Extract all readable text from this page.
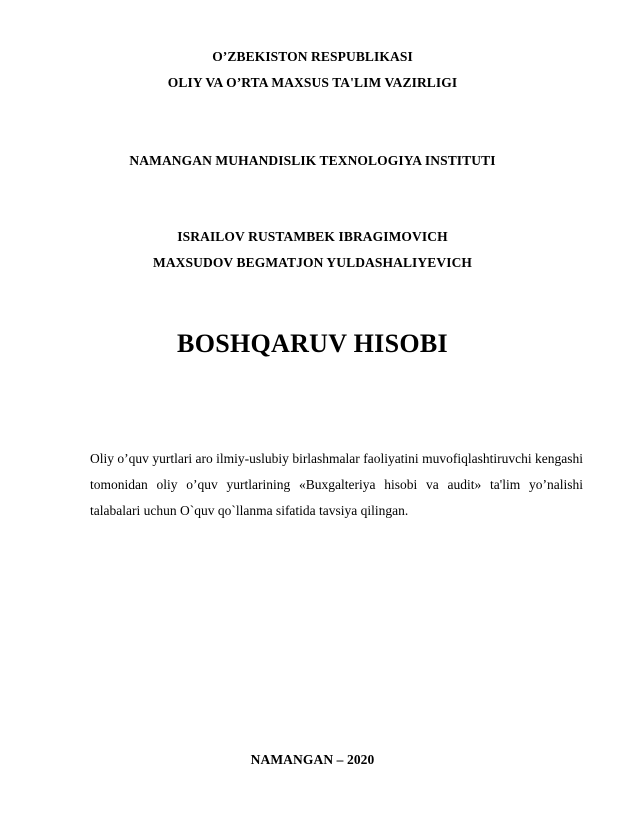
O’ZBEKISTON RESPUBLIKASI
OLIY VA O’RTA MAXSUS TA'LIM VAZIRLIGI
NAMANGAN MUHANDISLIK TEXNOLOGIYA INSTITUTI
ISRAILOV RUSTAMBEK IBRAGIMOVICH
MAXSUDOV BEGMATJON YULDASHALIYEVICH
BOSHQARUV HISOBI

Oliy o’quv yurtlari aro ilmiy-uslubiy birlashmalar faoliyatini muvofiqlashtiruvchi kengashi tomonidan oliy o’quv yurtlarining «Buxgalteriya hisobi va audit» ta'lim yo’nalishi talabalari uchun O`quv qo`llanma sifatida tavsiya qilingan.

NAMANGAN – 2020
